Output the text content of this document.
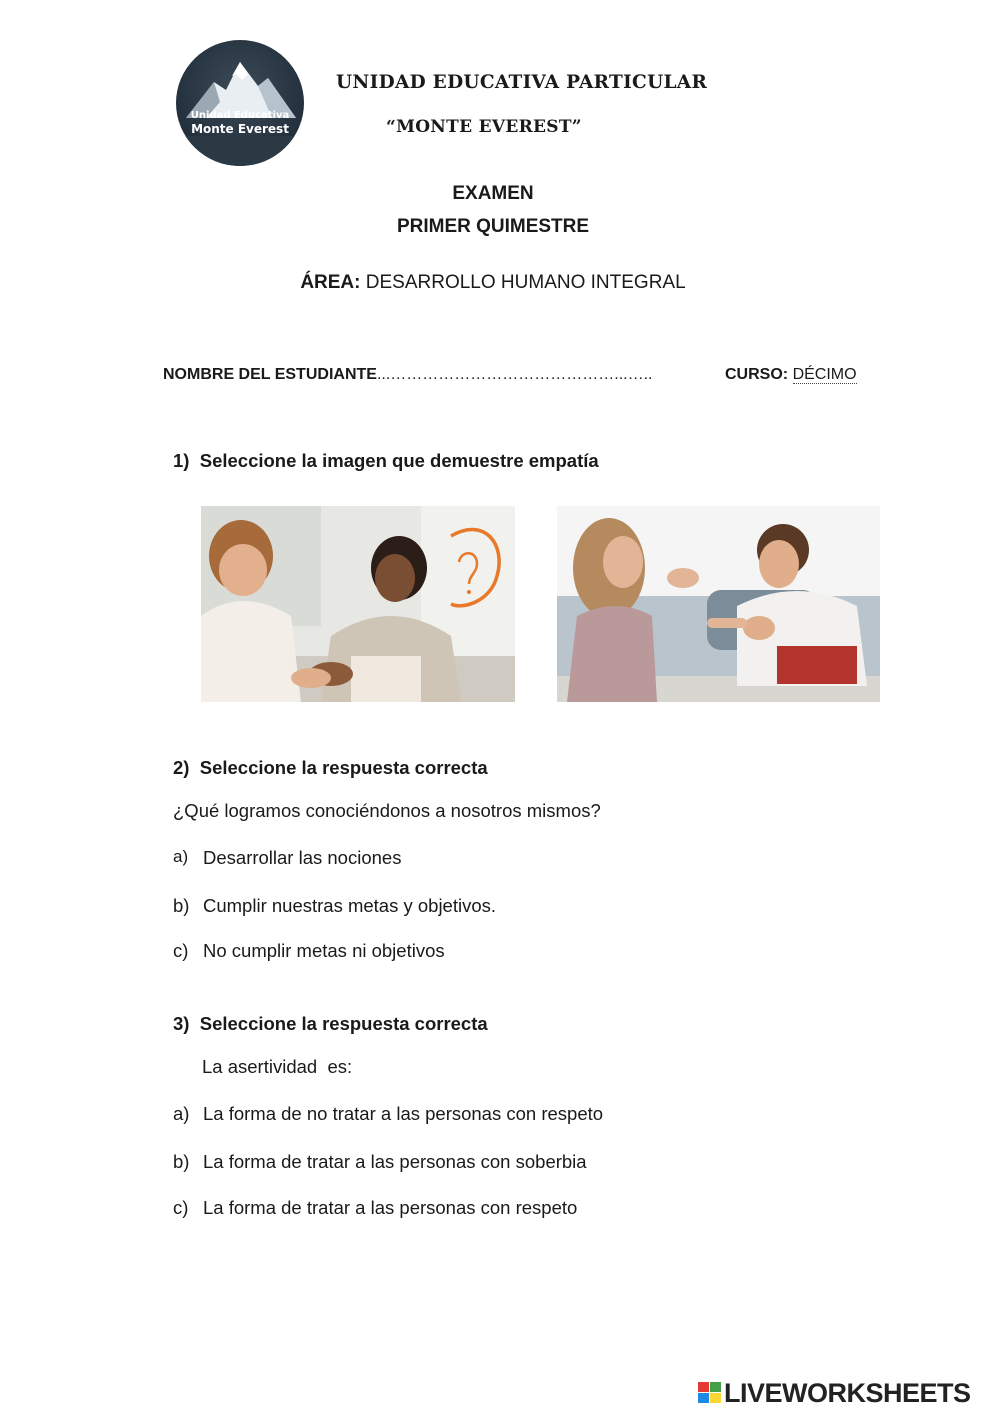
Unidad Educativa
Monte Everest
UNIDAD EDUCATIVA PARTICULAR
“MONTE EVEREST”
EXAMEN
PRIMER QUIMESTRE
ÁREA: DESARROLLO HUMANO INTEGRAL
NOMBRE DEL ESTUDIANTE...……………………………………...…..	CURSO: DÉCIMO
1) Seleccione la imagen que demuestre empatía
2) Seleccione la respuesta correcta
¿Qué logramos conociéndonos a nosotros mismos?
a) Desarrollar las nociones
b) Cumplir nuestras metas y objetivos.
c) No cumplir metas ni objetivos
3) Seleccione la respuesta correcta
La asertividad  es:
a) La forma de no tratar a las personas con respeto
b) La forma de tratar a las personas con soberbia
c) La forma de tratar a las personas con respeto
LIVEWORKSHEETS
